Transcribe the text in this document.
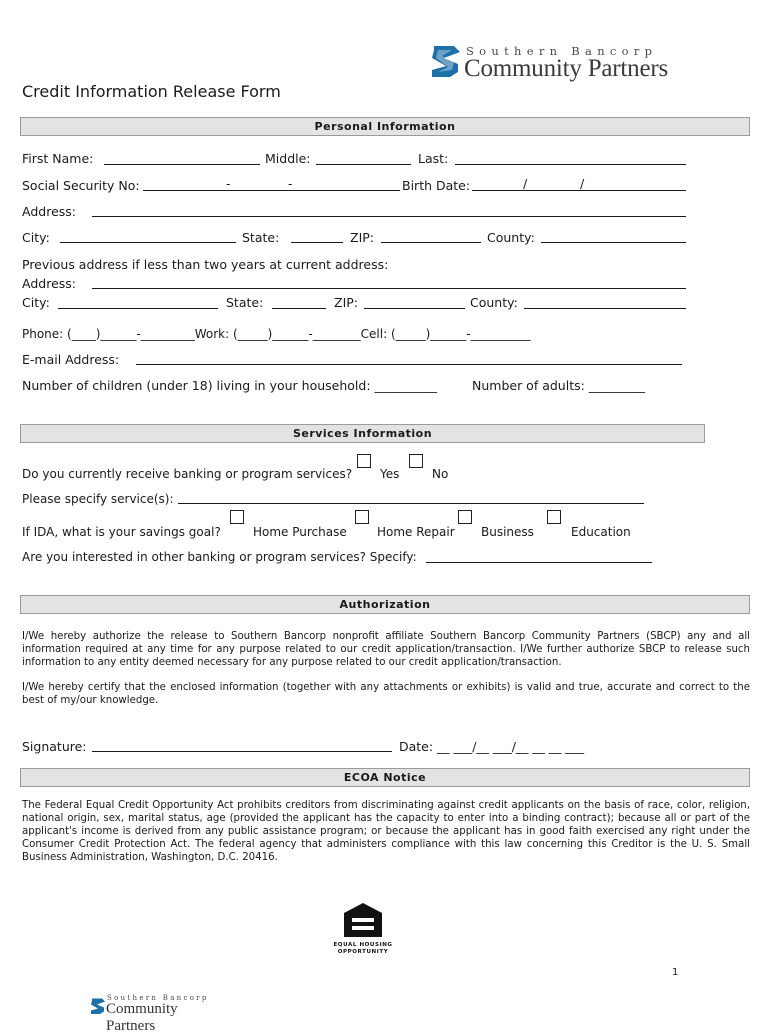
Southern Bancorp
Community Partners
Credit Information Release Form
Personal Information
First Name:	Middle:	Last:
Social Security No:	-	-	Birth Date:	/	/
Address:
City:	State:	ZIP:	County:
Previous address if less than two years at current address:
Address:
City:	State:	ZIP:	County:
Phone: (____)______-_________Work: (_____)______-________Cell: (_____)______-__________
E-mail Address:
Number of children (under 18) living in your household: __________	Number of adults: _________
Services Information
Do you currently receive banking or program services? Yes	No
Please specify service(s):
If IDA, what is your savings goal?	Home Purchase	Home Repair Business	Education
Are you interested in other banking or program services? Specify:
Authorization
I/We hereby authorize the release to Southern Bancorp nonprofit affiliate Southern Bancorp Community Partners (SBCP) any and all information required at any time for any purpose related to our credit application/transaction. I/We further authorize SBCP to release such information to any entity deemed necessary for any purpose related to our credit application/transaction.
I/We hereby certify that the enclosed information (together with any attachments or exhibits) is valid and true, accurate and correct to the best of my/our knowledge.
Signature:	Date: __ ___/__ ___/__ __ __ ___
ECOA Notice
The Federal Equal Credit Opportunity Act prohibits creditors from discriminating against credit applicants on the basis of race, color, religion, national origin, sex, marital status, age (provided the applicant has the capacity to enter into a binding contract); because all or part of the applicant's income is derived from any public assistance program; or because the applicant has in good faith exercised any right under the Consumer Credit Protection Act. The federal agency that administers compliance with this law concerning this Creditor is the U. S. Small Business Administration, Washington, D.C. 20416.
EQUAL HOUSING
OPPORTUNITY
1
Southern Bancorp
Community Partners
